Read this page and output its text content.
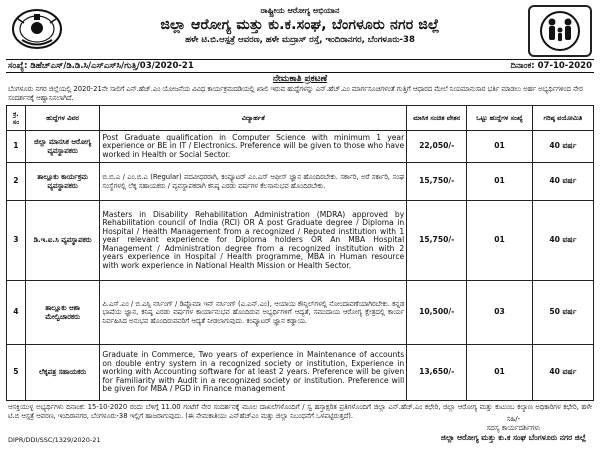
ರಾಷ್ಟ್ರೀಯ ಆರೋಗ್ಯ ಅಭಿಯಾನ
ಜಿಲ್ಲಾ ಆರೋಗ್ಯ ಮತ್ತು ಕು.ಕ.ಸಂಘ, ಬೆಂಗಳೂರು ನಗರ ಜಿಲ್ಲೆ
ಹಳೇ ಟಿ.ಬಿ.ಆಸ್ಪತ್ರೆ ಆವರಣ, ಹಳೇ ಮದ್ರಾಸ್ ರಸ್ತೆ, ಇಂದಿರಾನಗರ, ಬೆಂಗಳೂರು-38
ಸಂಖ್ಯೆ: ಡಿಹೆಚ್‌ಎಸ್/ಡಿ.ಡಿ.ಸಿ/ಎಸ್‌ಎಸ್‌ಸಿ/ಗುತ್ತಿ/03/2020-21	ದಿನಾಂಕ: 07-10-2020
ನೇಮಕಾತಿ ಪ್ರಕಟಣೆ
ಬೆಂಗಳೂರು ನಗರ ಜಿಲ್ಲೆಯಲ್ಲಿ 2020-21ನೇ ಸಾಲಿಗೆ ಎನ್.ಹೆಚ್.ಎಂ ಯೋಜನೆಯ ವಿವಿಧ ಕಾರ್ಯಕ್ರಮದಡಿಯಲ್ಲಿ ಖಾಲಿ ಇರುವ ಹುದ್ದೆಗಳನ್ನು ಎನ್.ಹೆಚ್.ಎಂ ಮಾರ್ಗಸೂಚಿಗಳಂತೆ ಗುತ್ತಿಗೆ ಆಧಾರದ ಮೇಲೆ ನಿಯಮಾನುಸಾರ ಭರ್ತಿ ಮಾಡಲು ಅರ್ಹ ಅಭ್ಯರ್ಥಿಗಳಿಂದ ನೇರ ಸಂದರ್ಶನಕ್ಕೆ ಆಹ್ವಾನಿಸಲಾಗಿದೆ.
ಕ್ರ. ಸಂ	ಹುದ್ದೆಗಳ ವಿವರ	ವಿದ್ಯಾರ್ಹತೆ	ಮಾಸಿಕ ಸಂಚಿತ ವೇತನ	ಒಟ್ಟು ಹುದ್ದೆಗಳ ಸಂಖ್ಯೆ	ಗರಿಷ್ಠ ವಯೋಮಿತಿ
1	ಜಿಲ್ಲಾ ಮಾನಸಿಕ ಆರೋಗ್ಯ ವ್ಯವಸ್ಥಾಪಕರು	Post Graduate qualification in Computer Science with minimum 1 year experience or BE in IT / Electronics. Preference will be given to those who have worked in Health or Social Sector.	22,050/-	01	40 ವರ್ಷ
2	ತಾಲ್ಲೂಕು ಕಾರ್ಯಕ್ರಮ ವ್ಯವಸ್ಥಾಪಕರು	ಬಿ.ಬಿ.ಎ / ಎಂ.ಬಿ.ಎ (Regular) ಪದವೀಧರರಾಗಿ, ಕಂಪ್ಯೂಟರ್ ಎಂ.ಎಸ್ ಆಫೀಸ್ ಜ್ಞಾನ ಹೊಂದಿರಬೇಕು. ಸರ್ಕಾರಿ, ಅರೆ ಸರ್ಕಾರಿ, ಸಂಘ ಸಂಸ್ಥೆಗಳಲ್ಲಿ ಲೆಕ್ಕ ಸಹಾಯಕರು / ವ್ಯವಸ್ಥಾಪಕರಾಗಿ ಕನಿಷ್ಠ ಎರಡು ವರ್ಷಗಳ ಕೆಲಸಾನುಭವ ಹೊಂದಿರಬೇಕು.	15,750/-	01	40 ವರ್ಷ
3	ಡಿ.ಇ.ಐ.ಸಿ ವ್ಯವಸ್ಥಾಪಕರು	Masters in Disability Rehabilitation Administration (MDRA) approved by Rehabilitation council of India (RCI) OR A post Graduate degree / Diploma in Hospital / Health Management from a recognized / Reputed institution with 1 year relevant experience for Diploma holders OR An MBA Hospital Management / Administration degree from a recognized institution with 2 years experience in Hospital / Health programme, MBA in Human resource with work experience in National Health Mission or Health Sector.	15,750/-	01	40 ವರ್ಷ
4	ತಾಲ್ಲೂಕು ಆಶಾ ಮೇಲ್ವಿಚಾರಕರು	ಪಿ.ಎಸ್.ಎಂ / ಬಿ.ಎಸ್ಸಿ ನರ್ಸಿಂಗ್ / ಡಿಪ್ಲೊಮಾ ಇನ್ ನರ್ಸಿಂಗ್ (ಎ.ಎನ್.ಎಂ), ಆಯಾಯ ಕೌನ್ಸಿಲ್‌ಗಳಲ್ಲಿ ನೋಂದಾವಣೆಯಾಗಿರಬೇಕು. ಕನ್ನಡ ಭಾಷೆಯ ಜ್ಞಾನ, ಕನಿಷ್ಠ ಎರಡು ವರ್ಷಗಳ ಕಾರ್ಯಾನುಭವ ಹೊಂದಿರುವ ಅಭ್ಯರ್ಥಿಗಳಿಗೆ ಆದ್ಯತೆ, ಸಮುದಾಯ ಆರೋಗ್ಯ ಕ್ಷೇತ್ರದಲ್ಲಿ ಕಾರ್ಯ ನಿರ್ವಹಿಸಿದ ಅನುಭವ ಹೊಂದಿರುವವರಿಗೆ ಆದ್ಯತೆ ನೀಡಲಾಗುವುದು. ಕಂಪ್ಯೂಟರ್ ಜ್ಞಾನ ಕಡ್ಡಾಯ.	10,500/-	03	50 ವರ್ಷ
5	ಲೆಕ್ಕಪತ್ರ ಸಹಾಯಕರು	Graduate in Commerce, Two years of experience in Maintenance of accounts on double entry system in a recognized society or institution, Experience in working with Accounting software for at least 2 years. Preference will be given for Familiarity with Audit in a recognized society or institution. Preference will be given for MBA / PGD in Finance management	13,650/-	01	40 ವರ್ಷ
ಆಸಕ್ತಿಯುಳ್ಳ ಅಭ್ಯರ್ಥಿಗಳು ದಿನಾಂಕ: 15-10-2020 ರಂದು ಬೆಳಿಗ್ಗೆ 11.00 ಗಂಟೆಗೆ ನೇರ ಸಂದರ್ಶನಕ್ಕೆ ಮೂಲ ದಾಖಲೆಗಳೊಂದಿಗೆ / ಸ್ವ ಹಸ್ತಾಕ್ಷರಿತ ಪ್ರತಿಗಳೊಂದಿಗೆ ಜಿಲ್ಲಾ ಎನ್.ಹೆಚ್.ಎಂ ಕಛೇರಿ, ಜಿಲ್ಲಾ ಆರೋಗ್ಯ ಮತ್ತು ಕುಟುಂಬ ಕಲ್ಯಾಣ ಅಧಿಕಾರಿಗಳ ಕಛೇರಿ, ಹಳೇ ಟಿ.ಬಿ ಆಸ್ಪತ್ರೆ ಆವರಣ, ಇಂದಿರಾನಗರ, ಬೆಂಗಳೂರು-38 ಇಲ್ಲಿಗೆ ಹಾಜರಾಗುವುದು. (ಈ ನೇಮಕಾತಿಯು ಎನ್‌ಹೆಚ್‌ಎಂ ಮತ್ತು ಜಿಲ್ಲಾ ನಿಬಂಧನೆಗೆ ಒಳಪಟ್ಟಿರುತ್ತದೆ).	ಸಹಿ/-
ಸದಸ್ಯ ಕಾರ್ಯದರ್ಶಿಗಳು
ಜಿಲ್ಲಾ ಆರೋಗ್ಯ ಮತ್ತು ಕು.ಕ ಸಂಘ ಬೆಂಗಳೂರು ನಗರ ಜಿಲ್ಲೆ
DIPR/DDI/SSC/1329/2020-21
